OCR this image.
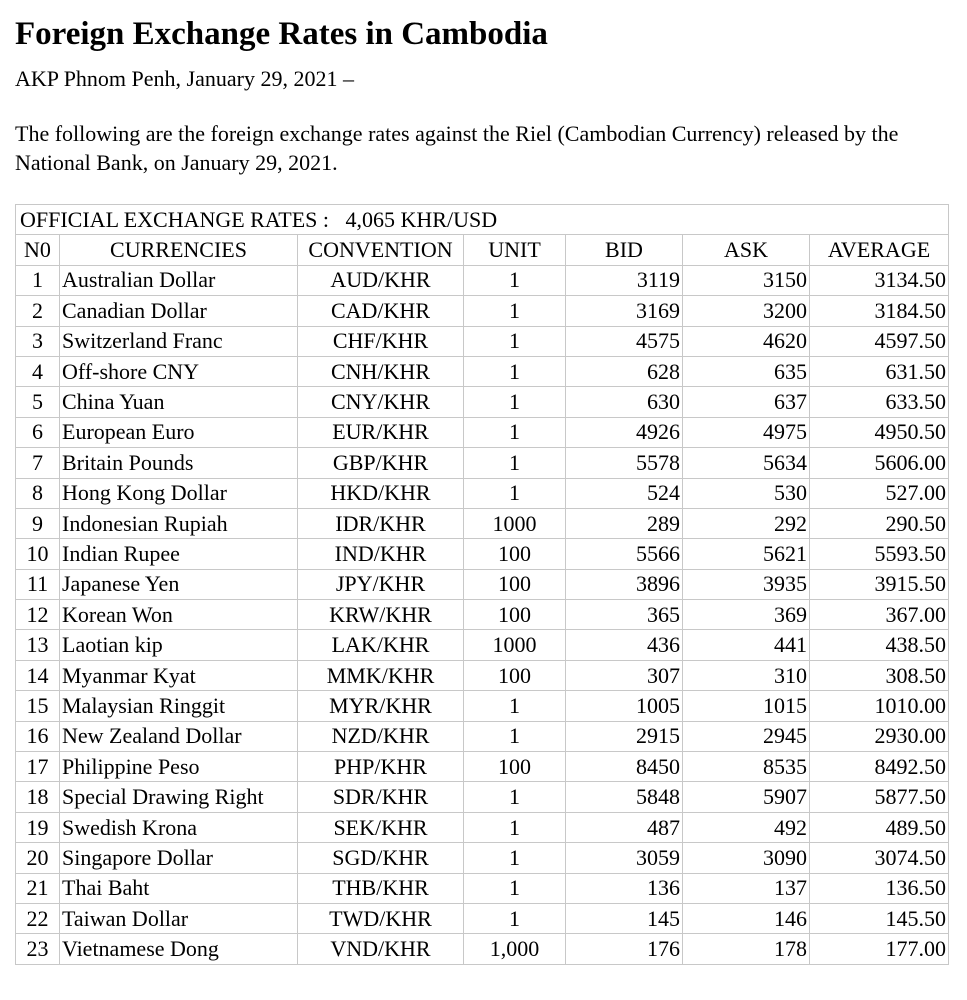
Foreign Exchange Rates in Cambodia
AKP Phnom Penh, January 29, 2021 –
The following are the foreign exchange rates against the Riel (Cambodian Currency) released by the National Bank, on January 29, 2021.
OFFICIAL EXCHANGE RATES : 4,065 KHR/USD						
N0	CURRENCIES	CONVENTION	UNIT	BID	ASK	AVERAGE
1	Australian Dollar	AUD/KHR	1	3119	3150	3134.50
2	Canadian Dollar	CAD/KHR	1	3169	3200	3184.50
3	Switzerland Franc	CHF/KHR	1	4575	4620	4597.50
4	Off-shore CNY	CNH/KHR	1	628	635	631.50
5	China Yuan	CNY/KHR	1	630	637	633.50
6	European Euro	EUR/KHR	1	4926	4975	4950.50
7	Britain Pounds	GBP/KHR	1	5578	5634	5606.00
8	Hong Kong Dollar	HKD/KHR	1	524	530	527.00
9	Indonesian Rupiah	IDR/KHR	1000	289	292	290.50
10	Indian Rupee	IND/KHR	100	5566	5621	5593.50
11	Japanese Yen	JPY/KHR	100	3896	3935	3915.50
12	Korean Won	KRW/KHR	100	365	369	367.00
13	Laotian kip	LAK/KHR	1000	436	441	438.50
14	Myanmar Kyat	MMK/KHR	100	307	310	308.50
15	Malaysian Ringgit	MYR/KHR	1	1005	1015	1010.00
16	New Zealand Dollar	NZD/KHR	1	2915	2945	2930.00
17	Philippine Peso	PHP/KHR	100	8450	8535	8492.50
18	Special Drawing Right	SDR/KHR	1	5848	5907	5877.50
19	Swedish Krona	SEK/KHR	1	487	492	489.50
20	Singapore Dollar	SGD/KHR	1	3059	3090	3074.50
21	Thai Baht	THB/KHR	1	136	137	136.50
22	Taiwan Dollar	TWD/KHR	1	145	146	145.50
23	Vietnamese Dong	VND/KHR	1,000	176	178	177.00
